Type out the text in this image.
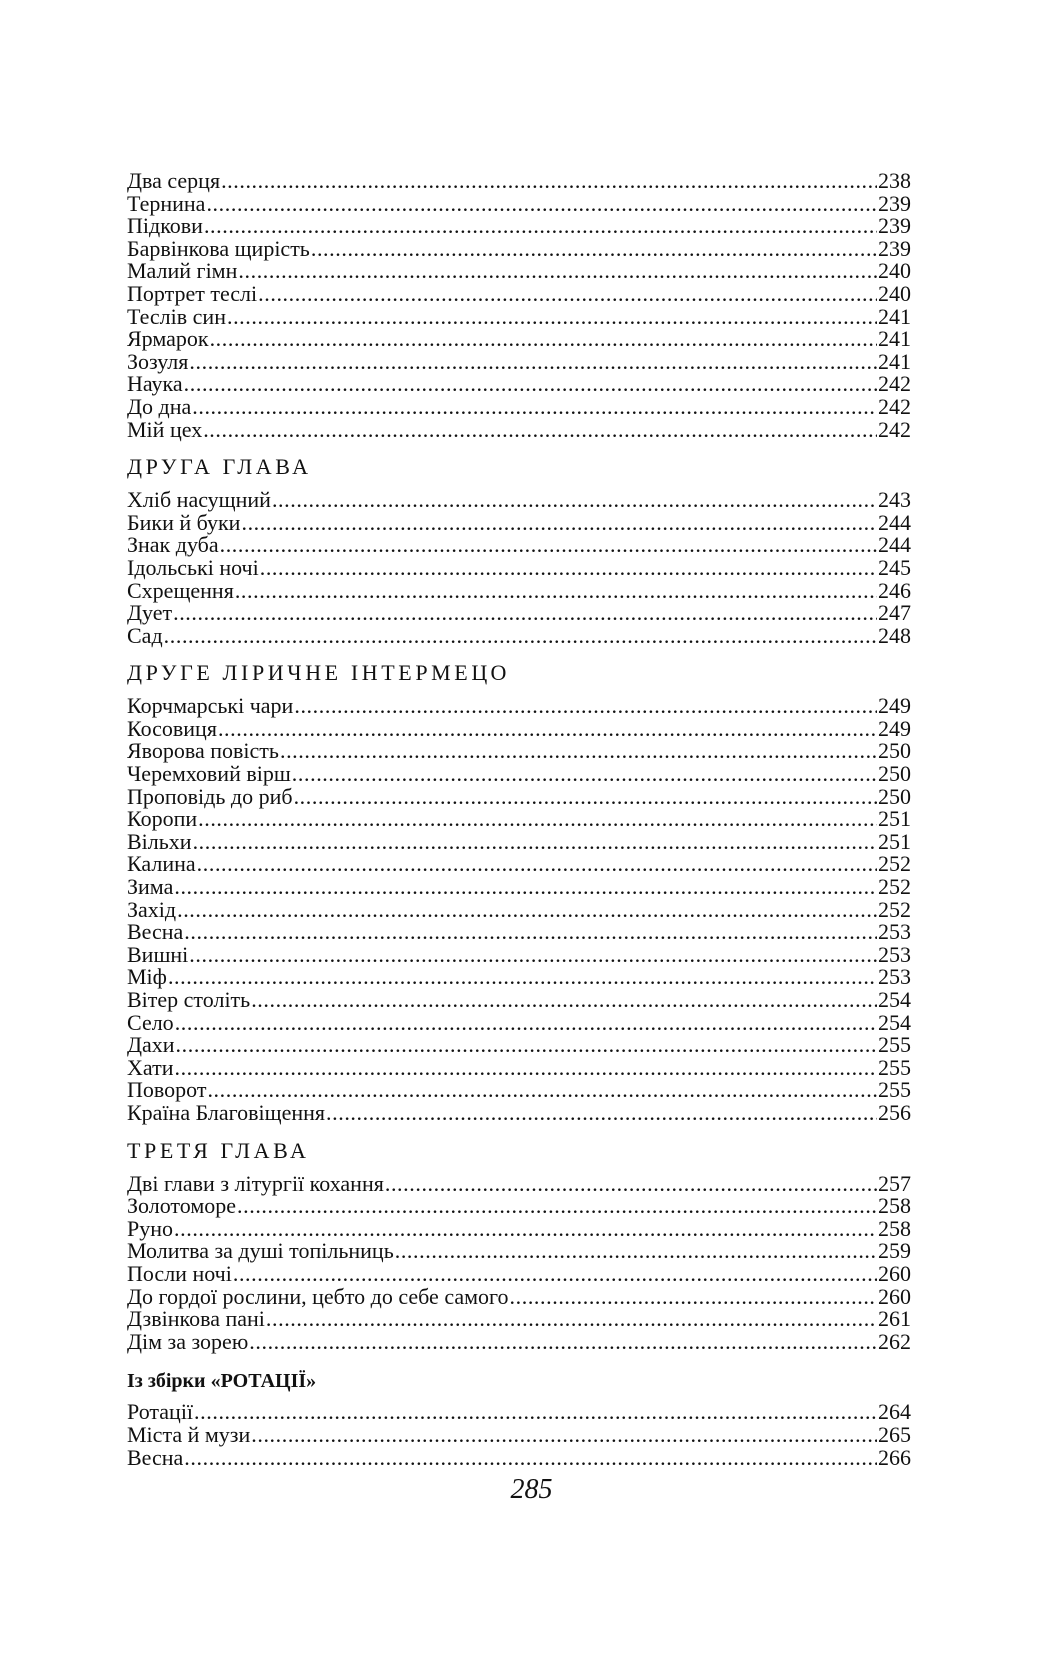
Два серця .....	238
Тернина .....	239
Підкови .....	239
Барвінкова щирість .....	239
Малий гімн .....	240
Портрет теслі .....	240
Теслів син .....	241
Ярмарок .....	241
Зозуля .....	241
Наука .....	242
До дна .....	242
Мій цех .....	242
ДРУГА ГЛАВА
Хліб насущний .....	243
Бики й буки .....	244
Знак дуба .....	244
Ідольські ночі .....	245
Схрещення .....	246
Дует .....	247
Сад .....	248
ДРУГЕ ЛІРИЧНЕ ІНТЕРМЕЦО
Корчмарські чари .....	249
Косовиця .....	249
Яворова повість .....	250
Черемховий вірш .....	250
Проповідь до риб .....	250
Коропи .....	251
Вільхи .....	251
Калина .....	252
Зима .....	252
Захід .....	252
Весна .....	253
Вишні .....	253
Міф .....	253
Вітер століть .....	254
Село .....	254
Дахи .....	255
Хати .....	255
Поворот .....	255
Країна Благовіщення .....	256
ТРЕТЯ ГЛАВА
Дві глави з літургії кохання .....	257
Золотоморе .....	258
Руно .....	258
Молитва за душі топільниць .....	259
Посли ночі .....	260
До гордої рослини, цебто до себе самого .....	260
Дзвінкова пані .....	261
Дім за зорею .....	262
Із збірки «РОТАЦІЇ»
Ротації .....	264
Міста й музи .....	265
Весна .....	266
285
